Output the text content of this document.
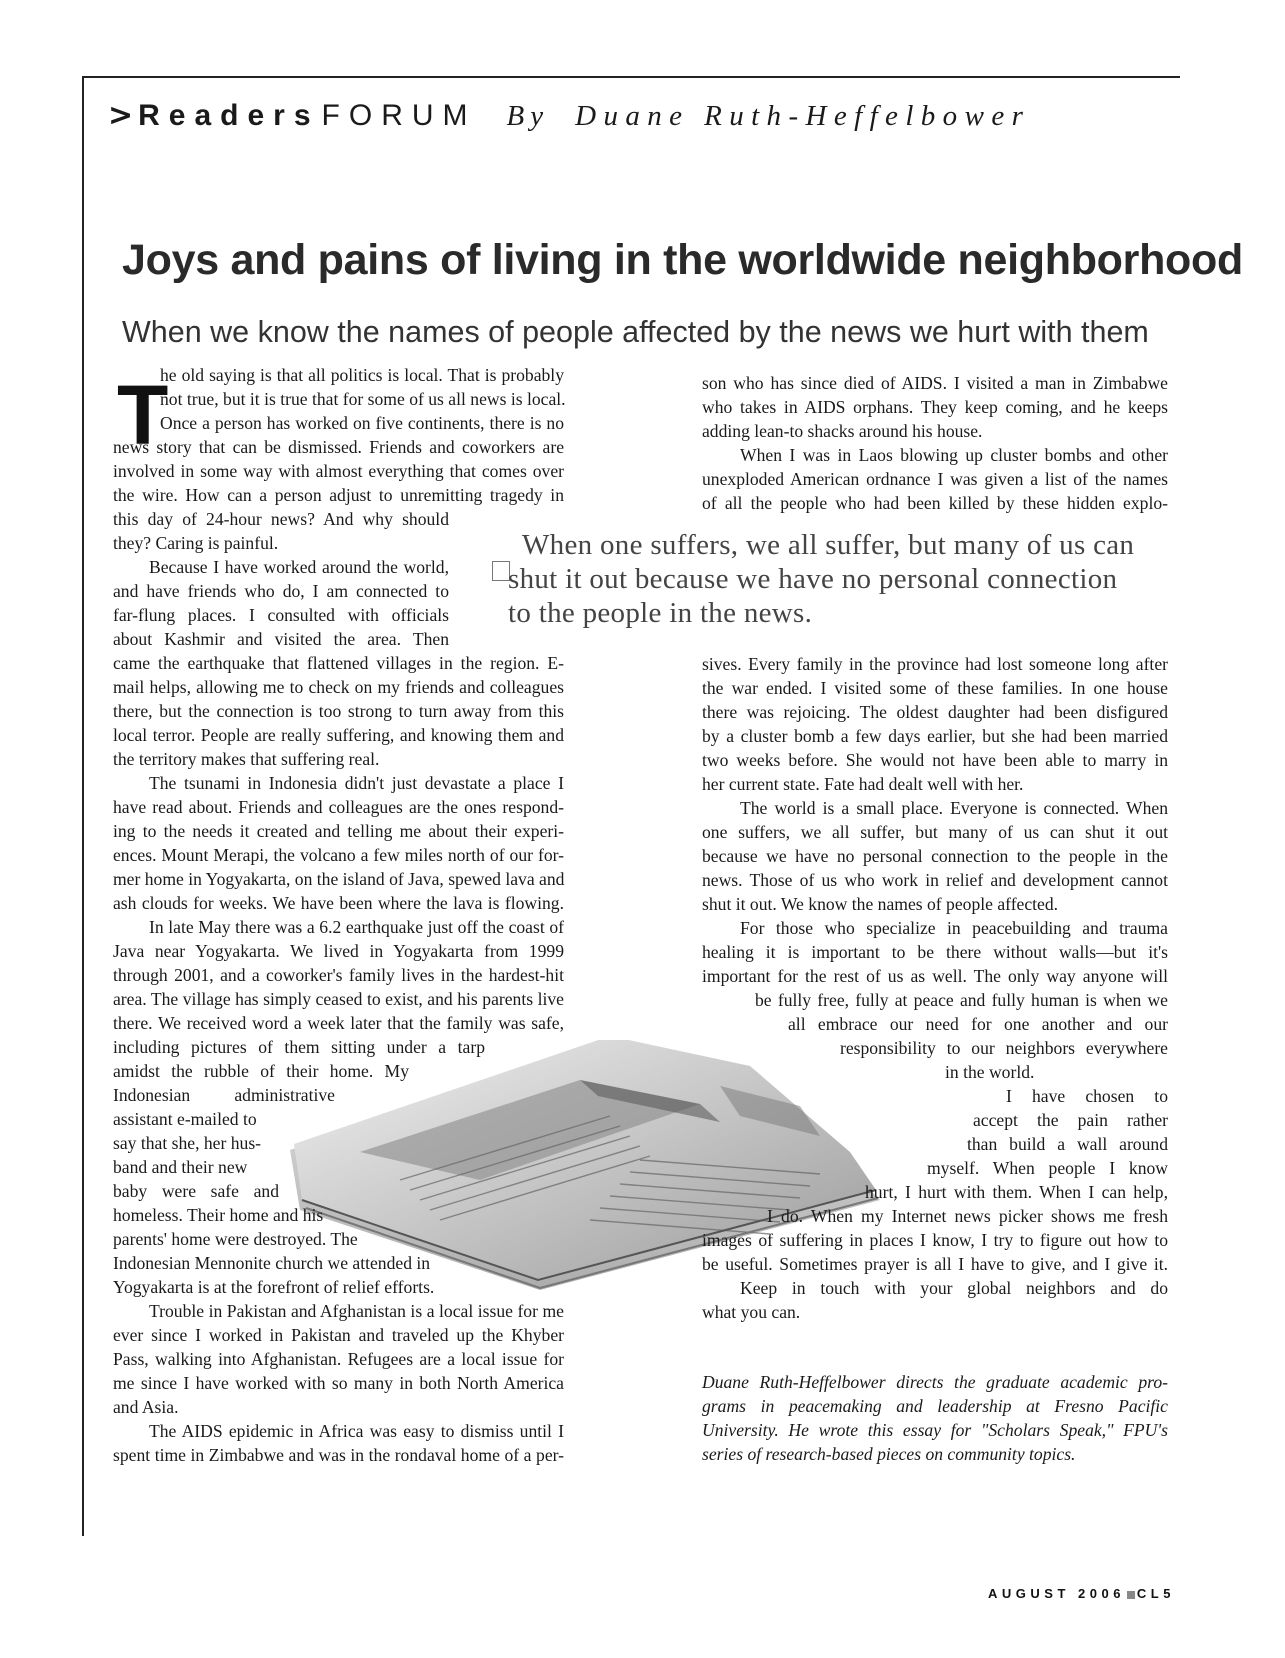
> ReadersFORUM By Duane Ruth-Heffelbower
Joys and pains of living in the worldwide neighborhood
When we know the names of people affected by the news we hurt with them
T
he old saying is that all politics is local. That is probably
not true, but it is true that for some of us all news is local.
Once a person has worked on five continents, there is no
news story that can be dismissed. Friends and coworkers are
involved in some way with almost everything that comes over
the wire. How can a person adjust to unremitting tragedy in
this day of 24-hour news? And why should
they? Caring is painful.
Because I have worked around the world,
and have friends who do, I am connected to
far-flung places. I consulted with officials
about Kashmir and visited the area. Then
came the earthquake that flattened villages in the region. E-
mail helps, allowing me to check on my friends and colleagues
there, but the connection is too strong to turn away from this
local terror. People are really suffering, and knowing them and
the territory makes that suffering real.
The tsunami in Indonesia didn't just devastate a place I
have read about. Friends and colleagues are the ones respond-
ing to the needs it created and telling me about their experi-
ences. Mount Merapi, the volcano a few miles north of our for-
mer home in Yogyakarta, on the island of Java, spewed lava and
ash clouds for weeks. We have been where the lava is flowing.
In late May there was a 6.2 earthquake just off the coast of
Java near Yogyakarta. We lived in Yogyakarta from 1999
through 2001, and a coworker's family lives in the hardest-hit
area. The village has simply ceased to exist, and his parents live
there. We received word a week later that the family was safe,
including pictures of them sitting under a tarp
amidst the rubble of their home. My
Indonesian administrative
assistant e-mailed to
say that she, her hus-
band and their new
baby were safe and
homeless. Their home and his
parents' home were destroyed. The
Indonesian Mennonite church we attended in
Yogyakarta is at the forefront of relief efforts.
Trouble in Pakistan and Afghanistan is a local issue for me
ever since I worked in Pakistan and traveled up the Khyber
Pass, walking into Afghanistan. Refugees are a local issue for
me since I have worked with so many in both North America
and Asia.
The AIDS epidemic in Africa was easy to dismiss until I
spent time in Zimbabwe and was in the rondaval home of a per-
When one suffers, we all suffer, but many of us can
shut it out because we have no personal connection
to the people in the news.
son who has since died of AIDS. I visited a man in Zimbabwe
who takes in AIDS orphans. They keep coming, and he keeps
adding lean-to shacks around his house.
When I was in Laos blowing up cluster bombs and other
unexploded American ordnance I was given a list of the names
of all the people who had been killed by these hidden explo-
sives. Every family in the province had lost someone long after
the war ended. I visited some of these families. In one house
there was rejoicing. The oldest daughter had been disfigured
by a cluster bomb a few days earlier, but she had been married
two weeks before. She would not have been able to marry in
her current state. Fate had dealt well with her.
The world is a small place. Everyone is connected. When
one suffers, we all suffer, but many of us can shut it out
because we have no personal connection to the people in the
news. Those of us who work in relief and development cannot
shut it out. We know the names of people affected.
For those who specialize in peacebuilding and trauma
healing it is important to be there without walls—but it's
important for the rest of us as well. The only way anyone will
be fully free, fully at peace and fully human is when we
all embrace our need for one another and our
responsibility to our neighbors everywhere
in the world.
I have chosen to
accept the pain rather
than build a wall around
myself. When people I know
hurt, I hurt with them. When I can help,
I do. When my Internet news picker shows me fresh
images of suffering in places I know, I try to figure out how to
be useful. Sometimes prayer is all I have to give, and I give it.
Keep in touch with your global neighbors and do
what you can.
Duane Ruth-Heffelbower directs the graduate academic pro-
grams in peacemaking and leadership at Fresno Pacific
University. He wrote this essay for "Scholars Speak," FPU's
series of research-based pieces on community topics.
AUGUST 2006 CL5
